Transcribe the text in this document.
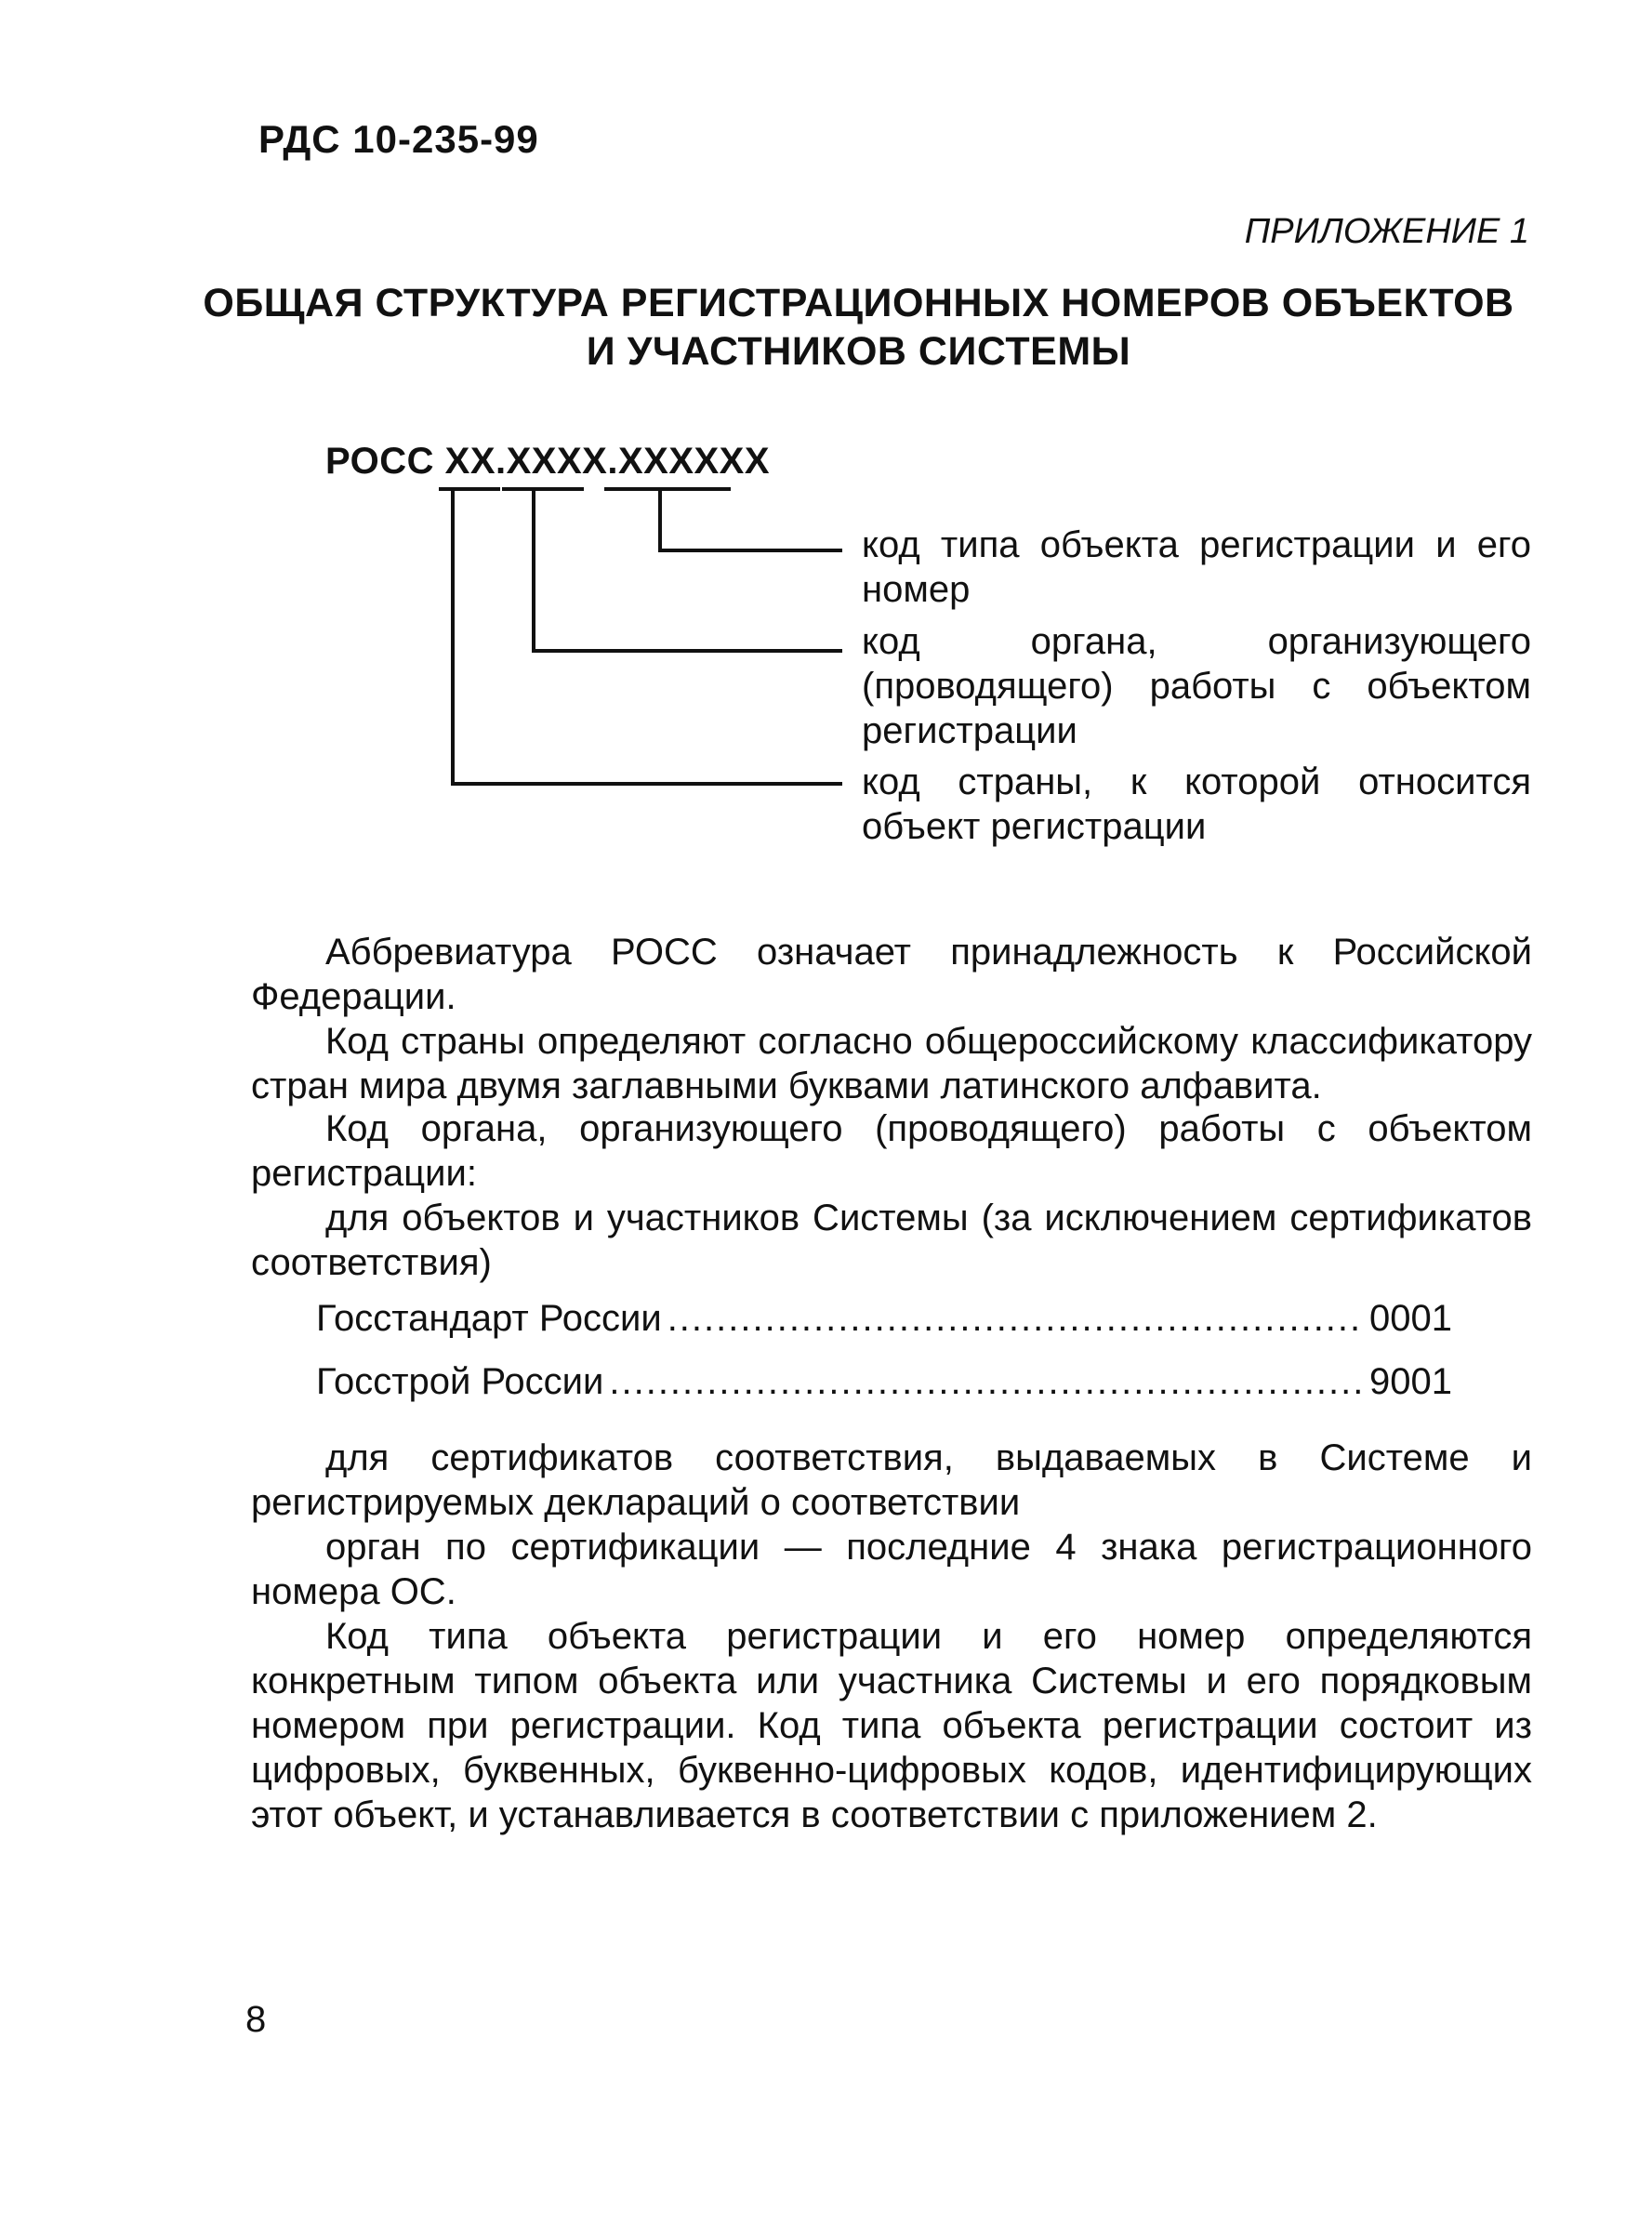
РДС 10-235-99
ПРИЛОЖЕНИЕ 1
ОБЩАЯ СТРУКТУРА РЕГИСТРАЦИОННЫХ НОМЕРОВ ОБЪЕКТОВ
И УЧАСТНИКОВ СИСТЕМЫ
РОСС XX.XXXX.XXXXXX
код типа объекта регистрации и его номер
код органа, организующего (проводящего) работы с объектом регистрации
код страны, к которой относится объект регистрации

Аббревиатура РОСС означает принадлежность к Российской Федерации.

Код страны определяют согласно общероссийскому классификатору стран мира двумя заглавными буквами латинского алфавита.

Код органа, организующего (проводящего) работы с объектом регистрации:

для объектов и участников Системы (за исключением сертификатов соответствия)

Госстандарт России .....	0001
Госстрой России .....	9001

для сертификатов соответствия, выдаваемых в Системе и регистрируемых деклараций о соответствии

орган по сертификации — последние 4 знака регистрационного номера ОС.

Код типа объекта регистрации и его номер определяются конкретным типом объекта или участника Системы и его порядковым номером при регистрации. Код типа объекта регистрации состоит из цифровых, буквенных, буквенно-цифровых кодов, идентифицирующих этот объект, и устанавливается в соответствии с приложением 2.

8
